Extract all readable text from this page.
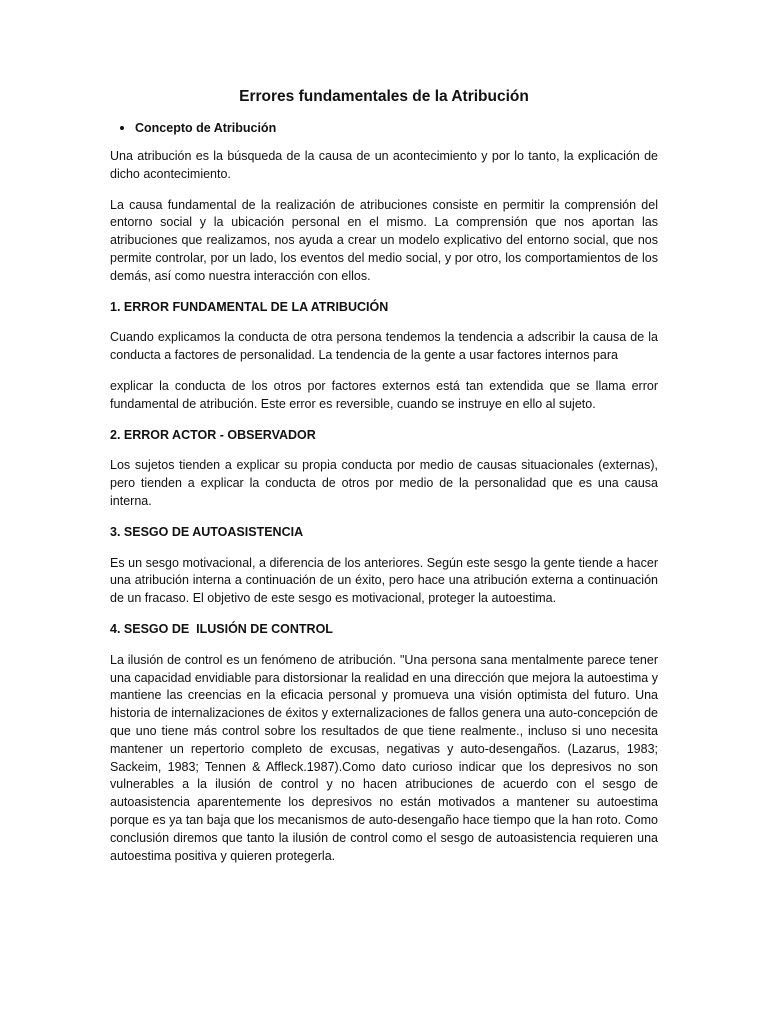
Errores fundamentales de la Atribución
Concepto de Atribución

Una atribución es la búsqueda de la causa de un acontecimiento y por lo tanto, la explicación de dicho acontecimiento.

La causa fundamental de la realización de atribuciones consiste en permitir la comprensión del entorno social y la ubicación personal en el mismo. La comprensión que nos aportan las atribuciones que realizamos, nos ayuda a crear un modelo explicativo del entorno social, que nos permite controlar, por un lado, los eventos del medio social, y por otro, los comportamientos de los demás, así como nuestra interacción con ellos.

1. ERROR FUNDAMENTAL DE LA ATRIBUCIÓN

Cuando explicamos la conducta de otra persona tendemos la tendencia a adscribir la causa de la conducta a factores de personalidad. La tendencia de la gente a usar factores internos para

explicar la conducta de los otros por factores externos está tan extendida que se llama error fundamental de atribución. Este error es reversible, cuando se instruye en ello al sujeto.

2. ERROR ACTOR - OBSERVADOR

Los sujetos tienden a explicar su propia conducta por medio de causas situacionales (externas), pero tienden a explicar la conducta de otros por medio de la personalidad que es una causa interna.

3. SESGO DE AUTOASISTENCIA

Es un sesgo motivacional, a diferencia de los anteriores. Según este sesgo la gente tiende a hacer una atribución interna a continuación de un éxito, pero hace una atribución externa a continuación de un fracaso. El objetivo de este sesgo es motivacional, proteger la autoestima.

4. SESGO DE  ILUSIÓN DE CONTROL

La ilusión de control es un fenómeno de atribución. "Una persona sana mentalmente parece tener una capacidad envidiable para distorsionar la realidad en una dirección que mejora la autoestima y mantiene las creencias en la eficacia personal y promueva una visión optimista del futuro. Una historia de internalizaciones de éxitos y externalizaciones de fallos genera una auto-concepción de que uno tiene más control sobre los resultados de que tiene realmente., incluso si uno necesita mantener un repertorio completo de excusas, negativas y auto-desengaños. (Lazarus, 1983; Sackeim, 1983; Tennen & Affleck.1987).Como dato curioso indicar que los depresivos no son vulnerables a la ilusión de control y no hacen atribuciones de acuerdo con el sesgo de autoasistencia aparentemente los depresivos no están motivados a mantener su autoestima porque es ya tan baja que los mecanismos de auto-desengaño hace tiempo que la han roto. Como conclusión diremos que tanto la ilusión de control como el sesgo de autoasistencia requieren una autoestima positiva y quieren protegerla.
